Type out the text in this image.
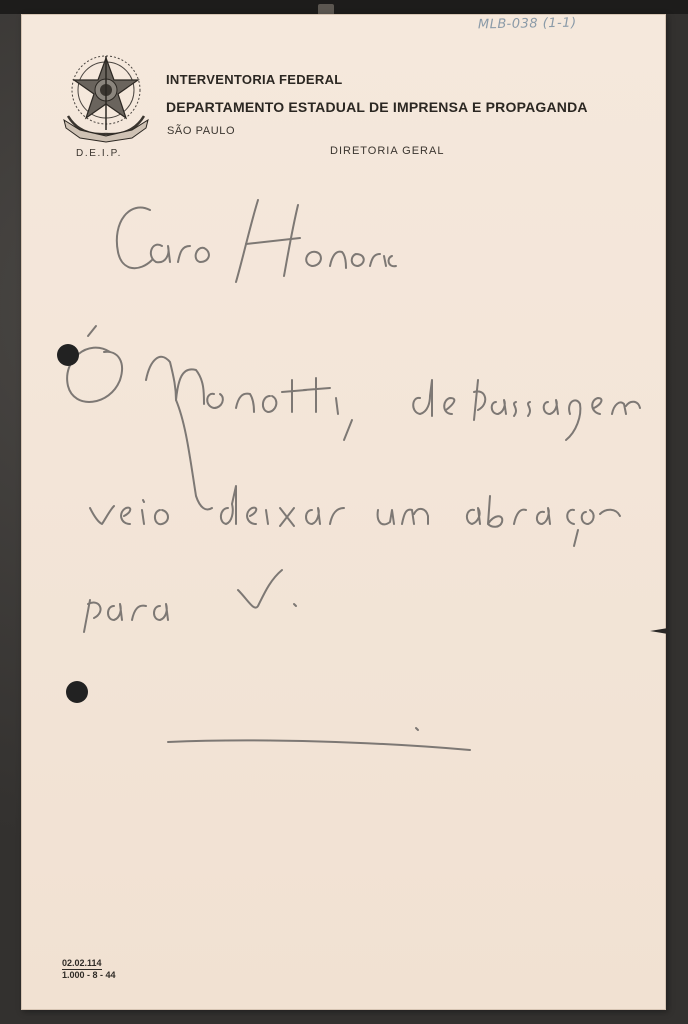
MLB-038 (1-1)
INTERVENTORIA FEDERAL
DEPARTAMENTO ESTADUAL DE IMPRENSA E PROPAGANDA
SÃO PAULO
D.E.I.P.	DIRETORIA GERAL
02.02.114
1.000 - 8 - 44
